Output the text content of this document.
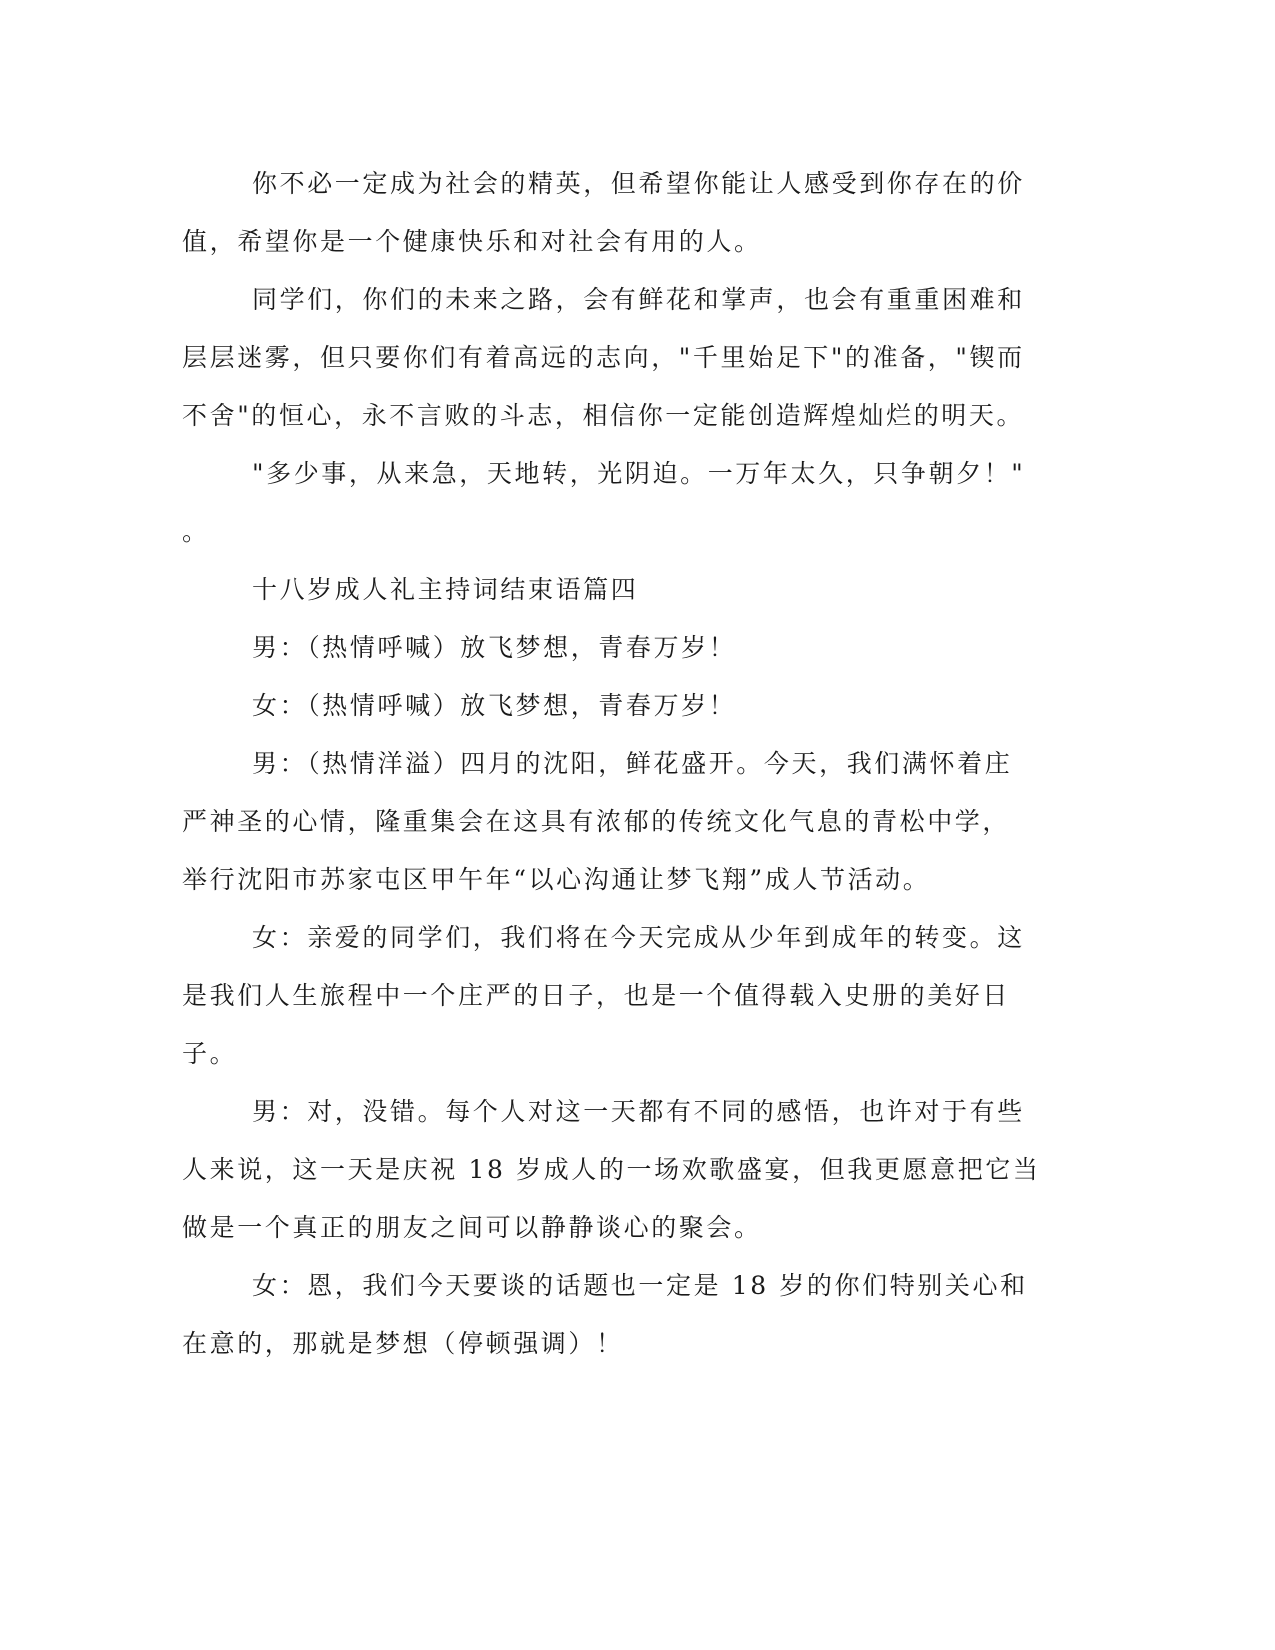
你不必一定成为社会的精英，但希望你能让人感受到你存在的价
值，希望你是一个健康快乐和对社会有用的人。
同学们，你们的未来之路，会有鲜花和掌声，也会有重重困难和
层层迷雾，但只要你们有着高远的志向，"千里始足下"的准备，"锲而
不舍"的恒心，永不言败的斗志，相信你一定能创造辉煌灿烂的明天。
"多少事，从来急，天地转，光阴迫。一万年太久，只争朝夕！"
。
十八岁成人礼主持词结束语篇四
男：（热情呼喊）放飞梦想，青春万岁！
女：（热情呼喊）放飞梦想，青春万岁！
男：（热情洋溢）四月的沈阳，鲜花盛开。今天，我们满怀着庄
严神圣的心情，隆重集会在这具有浓郁的传统文化气息的青松中学，
举行沈阳市苏家屯区甲午年“以心沟通让梦飞翔”成人节活动。
女：亲爱的同学们，我们将在今天完成从少年到成年的转变。这
是我们人生旅程中一个庄严的日子，也是一个值得载入史册的美好日
子。
男：对，没错。每个人对这一天都有不同的感悟，也许对于有些
人来说，这一天是庆祝 18 岁成人的一场欢歌盛宴，但我更愿意把它当
做是一个真正的朋友之间可以静静谈心的聚会。
女：恩，我们今天要谈的话题也一定是 18 岁的你们特别关心和
在意的，那就是梦想（停顿强调）！
